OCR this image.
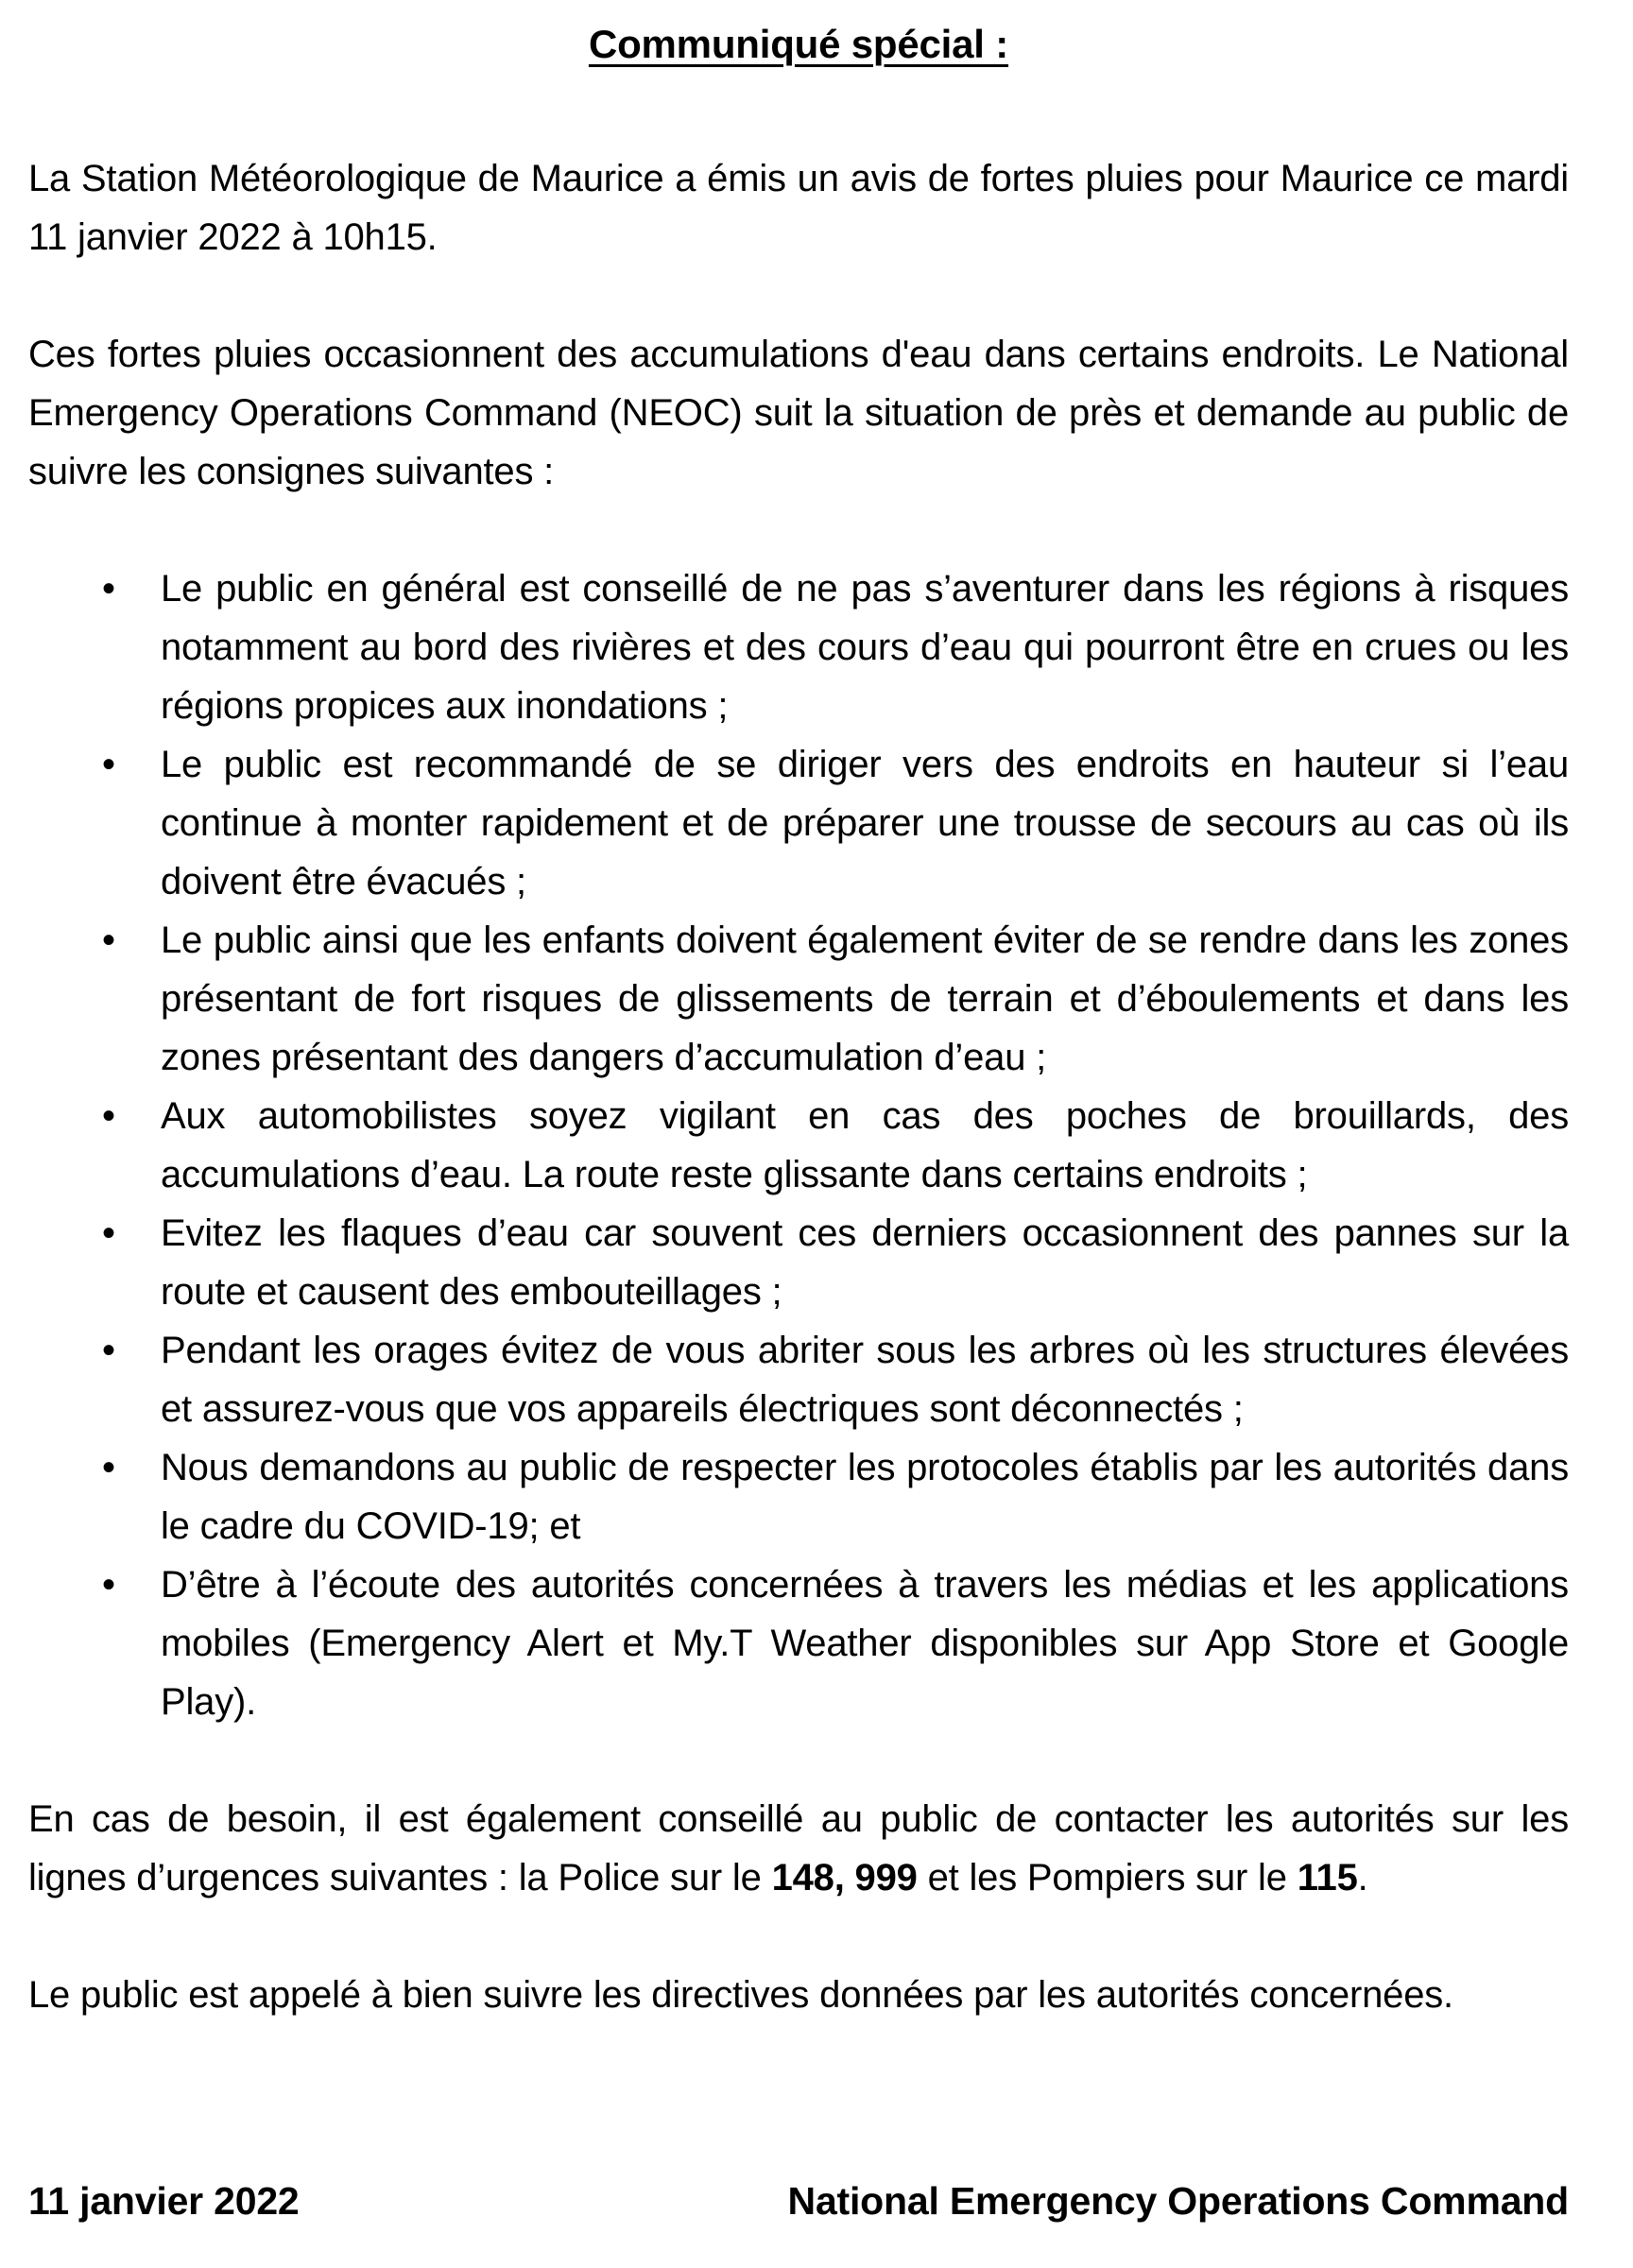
Communiqué spécial :

La Station Météorologique de Maurice a émis un avis de fortes pluies pour Maurice ce mardi 11 janvier 2022 à 10h15.

Ces fortes pluies occasionnent des accumulations d'eau dans certains endroits. Le National Emergency Operations Command (NEOC) suit la situation de près et demande au public de suivre les consignes suivantes :

• Le public en général est conseillé de ne pas s’aventurer dans les régions à risques notamment au bord des rivières et des cours d’eau qui pourront être en crues ou les régions propices aux inondations ;
• Le public est recommandé de se diriger vers des endroits en hauteur si l’eau continue à monter rapidement et de préparer une trousse de secours au cas où ils doivent être évacués ;
• Le public ainsi que les enfants doivent également éviter de se rendre dans les zones présentant de fort risques de glissements de terrain et d’éboulements et dans les zones présentant des dangers d’accumulation d’eau ;
• Aux automobilistes soyez vigilant en cas des poches de brouillards, des accumulations d’eau. La route reste glissante dans certains endroits ;
• Evitez les flaques d’eau car souvent ces derniers occasionnent des pannes sur la route et causent des embouteillages ;
• Pendant les orages évitez de vous abriter sous les arbres où les structures élevées et assurez-vous que vos appareils électriques sont déconnectés ;
• Nous demandons au public de respecter les protocoles établis par les autorités dans le cadre du COVID-19; et
• D’être à l’écoute des autorités concernées à travers les médias et les applications mobiles (Emergency Alert et My.T Weather disponibles sur App Store et Google Play).

En cas de besoin, il est également conseillé au public de contacter les autorités sur les lignes d’urgences suivantes : la Police sur le 148, 999 et les Pompiers sur le 115.

Le public est appelé à bien suivre les directives données par les autorités concernées.

11 janvier 2022	National Emergency Operations Command
